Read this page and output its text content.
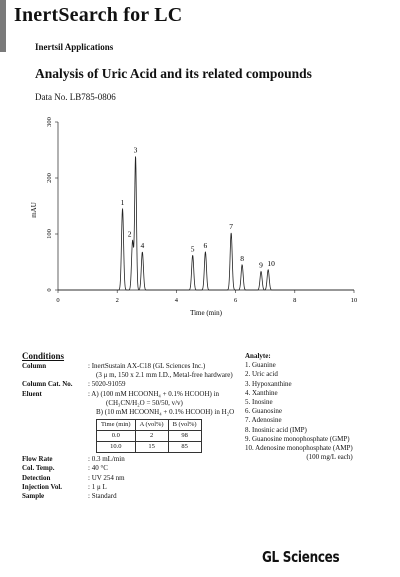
InertSearch for LC
Inertsil Applications
Analysis of Uric Acid and its related compounds
Data No. LB785-0806
0	2	4	6	8	10
0
100
200
300
1
2
3
4	5 6
7
8
9 10
mAU
Time (min)
Conditions
Column	: InertSustain AX-C18 (GL Sciences Inc.)
	(3 μ m, 150 x 2.1 mm I.D., Metal-free hardware)
Column Cat. No.	: 5020-91059
Eluent	: A) (100 mM HCOONH₄ + 0.1% HCOOH) in
	(CH₃CN/H₂O = 50/50, v/v)
	B) (10 mM HCOONH₄ + 0.1% HCOOH) in H₂O

Time (min)	A (vol%)	B (vol%)
0.0	2	98
10.0	15	85

Flow Rate	: 0.3 mL/min
Col. Temp.	: 40 °C
Detection	: UV 254 nm
Injection Vol.	: 1 μ L
Sample	: Standard
Analyte:
1. Guanine
2. Uric acid
3. Hypoxanthine
4. Xanthine
5. Inosine
6. Guanosine
7. Adenosine
8. Inosinic acid (IMP)
9. Guanosine monophosphate (GMP)
10. Adenosine monophosphate (AMP)
(100 mg/L each)
GL Sciences
